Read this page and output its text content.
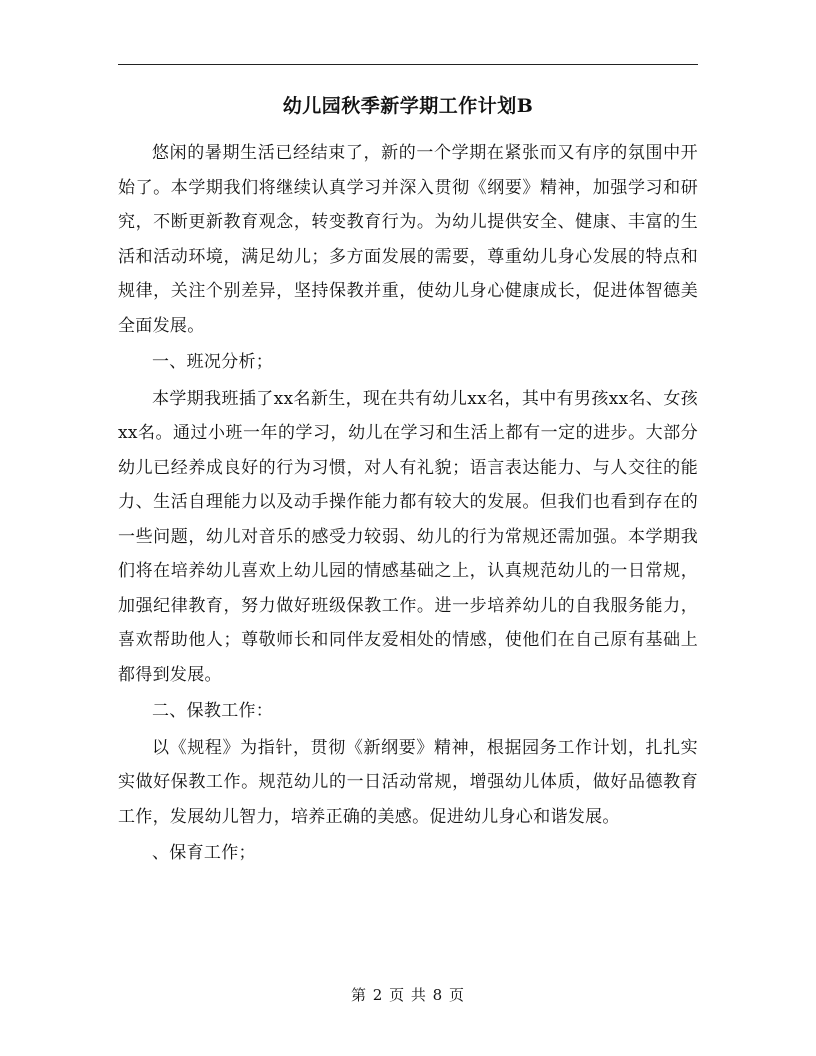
幼儿园秋季新学期工作计划B

悠闲的暑期生活已经结束了，新的一个学期在紧张而又有序的氛围中开始了。本学期我们将继续认真学习并深入贯彻《纲要》精神，加强学习和研究，不断更新教育观念，转变教育行为。为幼儿提供安全、健康、丰富的生活和活动环境，满足幼儿；多方面发展的需要，尊重幼儿身心发展的特点和规律，关注个别差异，坚持保教并重，使幼儿身心健康成长，促进体智德美全面发展。

一、班况分析；

本学期我班插了xx名新生，现在共有幼儿xx名，其中有男孩xx名、女孩xx名。通过小班一年的学习，幼儿在学习和生活上都有一定的进步。大部分幼儿已经养成良好的行为习惯，对人有礼貌；语言表达能力、与人交往的能力、生活自理能力以及动手操作能力都有较大的发展。但我们也看到存在的一些问题，幼儿对音乐的感受力较弱、幼儿的行为常规还需加强。本学期我们将在培养幼儿喜欢上幼儿园的情感基础之上，认真规范幼儿的一日常规，加强纪律教育，努力做好班级保教工作。进一步培养幼儿的自我服务能力，喜欢帮助他人；尊敬师长和同伴友爱相处的情感，使他们在自己原有基础上都得到发展。

二、保教工作：

以《规程》为指针，贯彻《新纲要》精神，根据园务工作计划，扎扎实实做好保教工作。规范幼儿的一日活动常规，增强幼儿体质，做好品德教育工作，发展幼儿智力，培养正确的美感。促进幼儿身心和谐发展。

、保育工作；

第 2 页 共 8 页
